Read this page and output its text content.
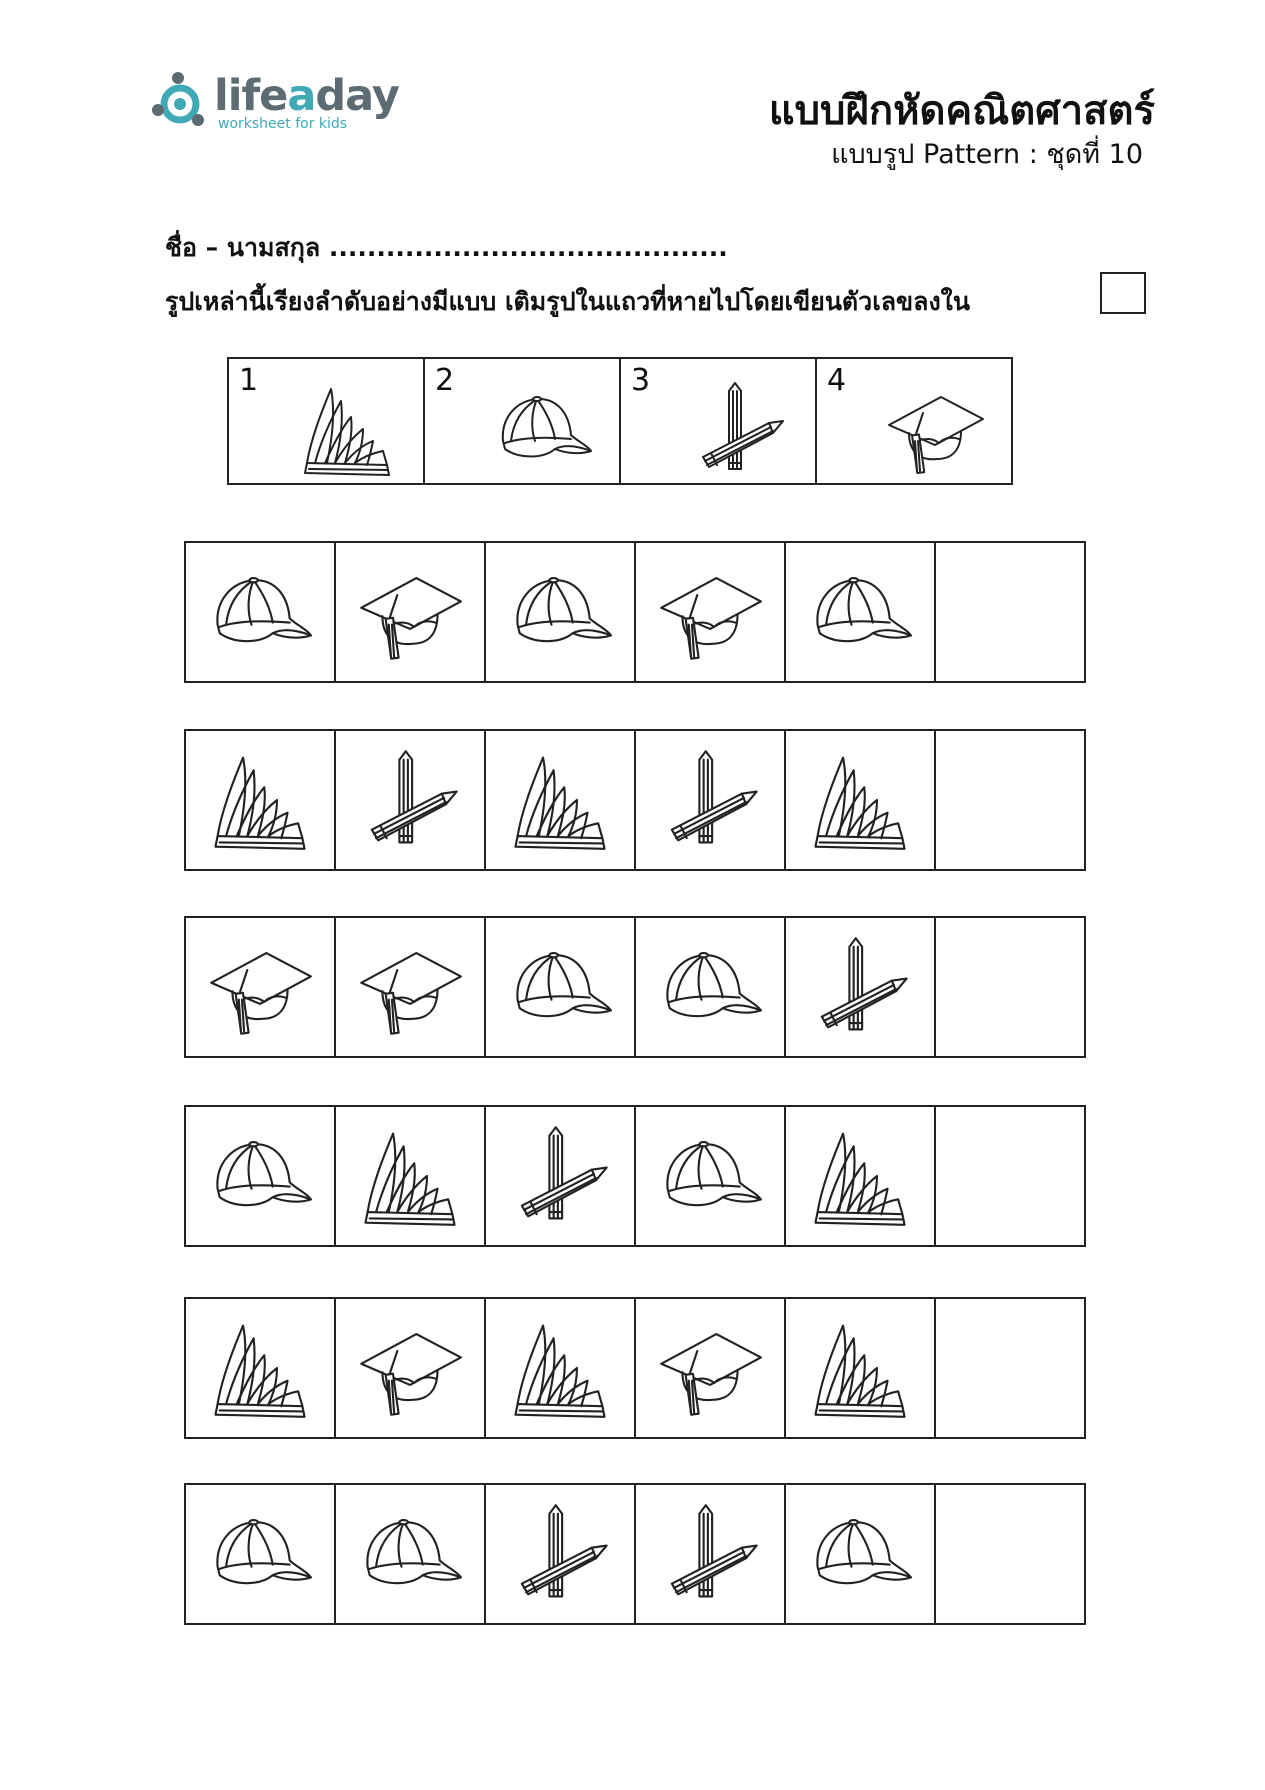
lifeaday
worksheet for kids	แบบฝึกหัดคณิตศาสตร์
แบบรูป Pattern : ชุดที่ 10
ชื่อ – นามสกุล ..........................................
รูปเหล่านี้เรียงลำดับอย่างมีแบบ เติมรูปในแถวที่หายไปโดยเขียนตัวเลขลงใน
1	2	3	4
